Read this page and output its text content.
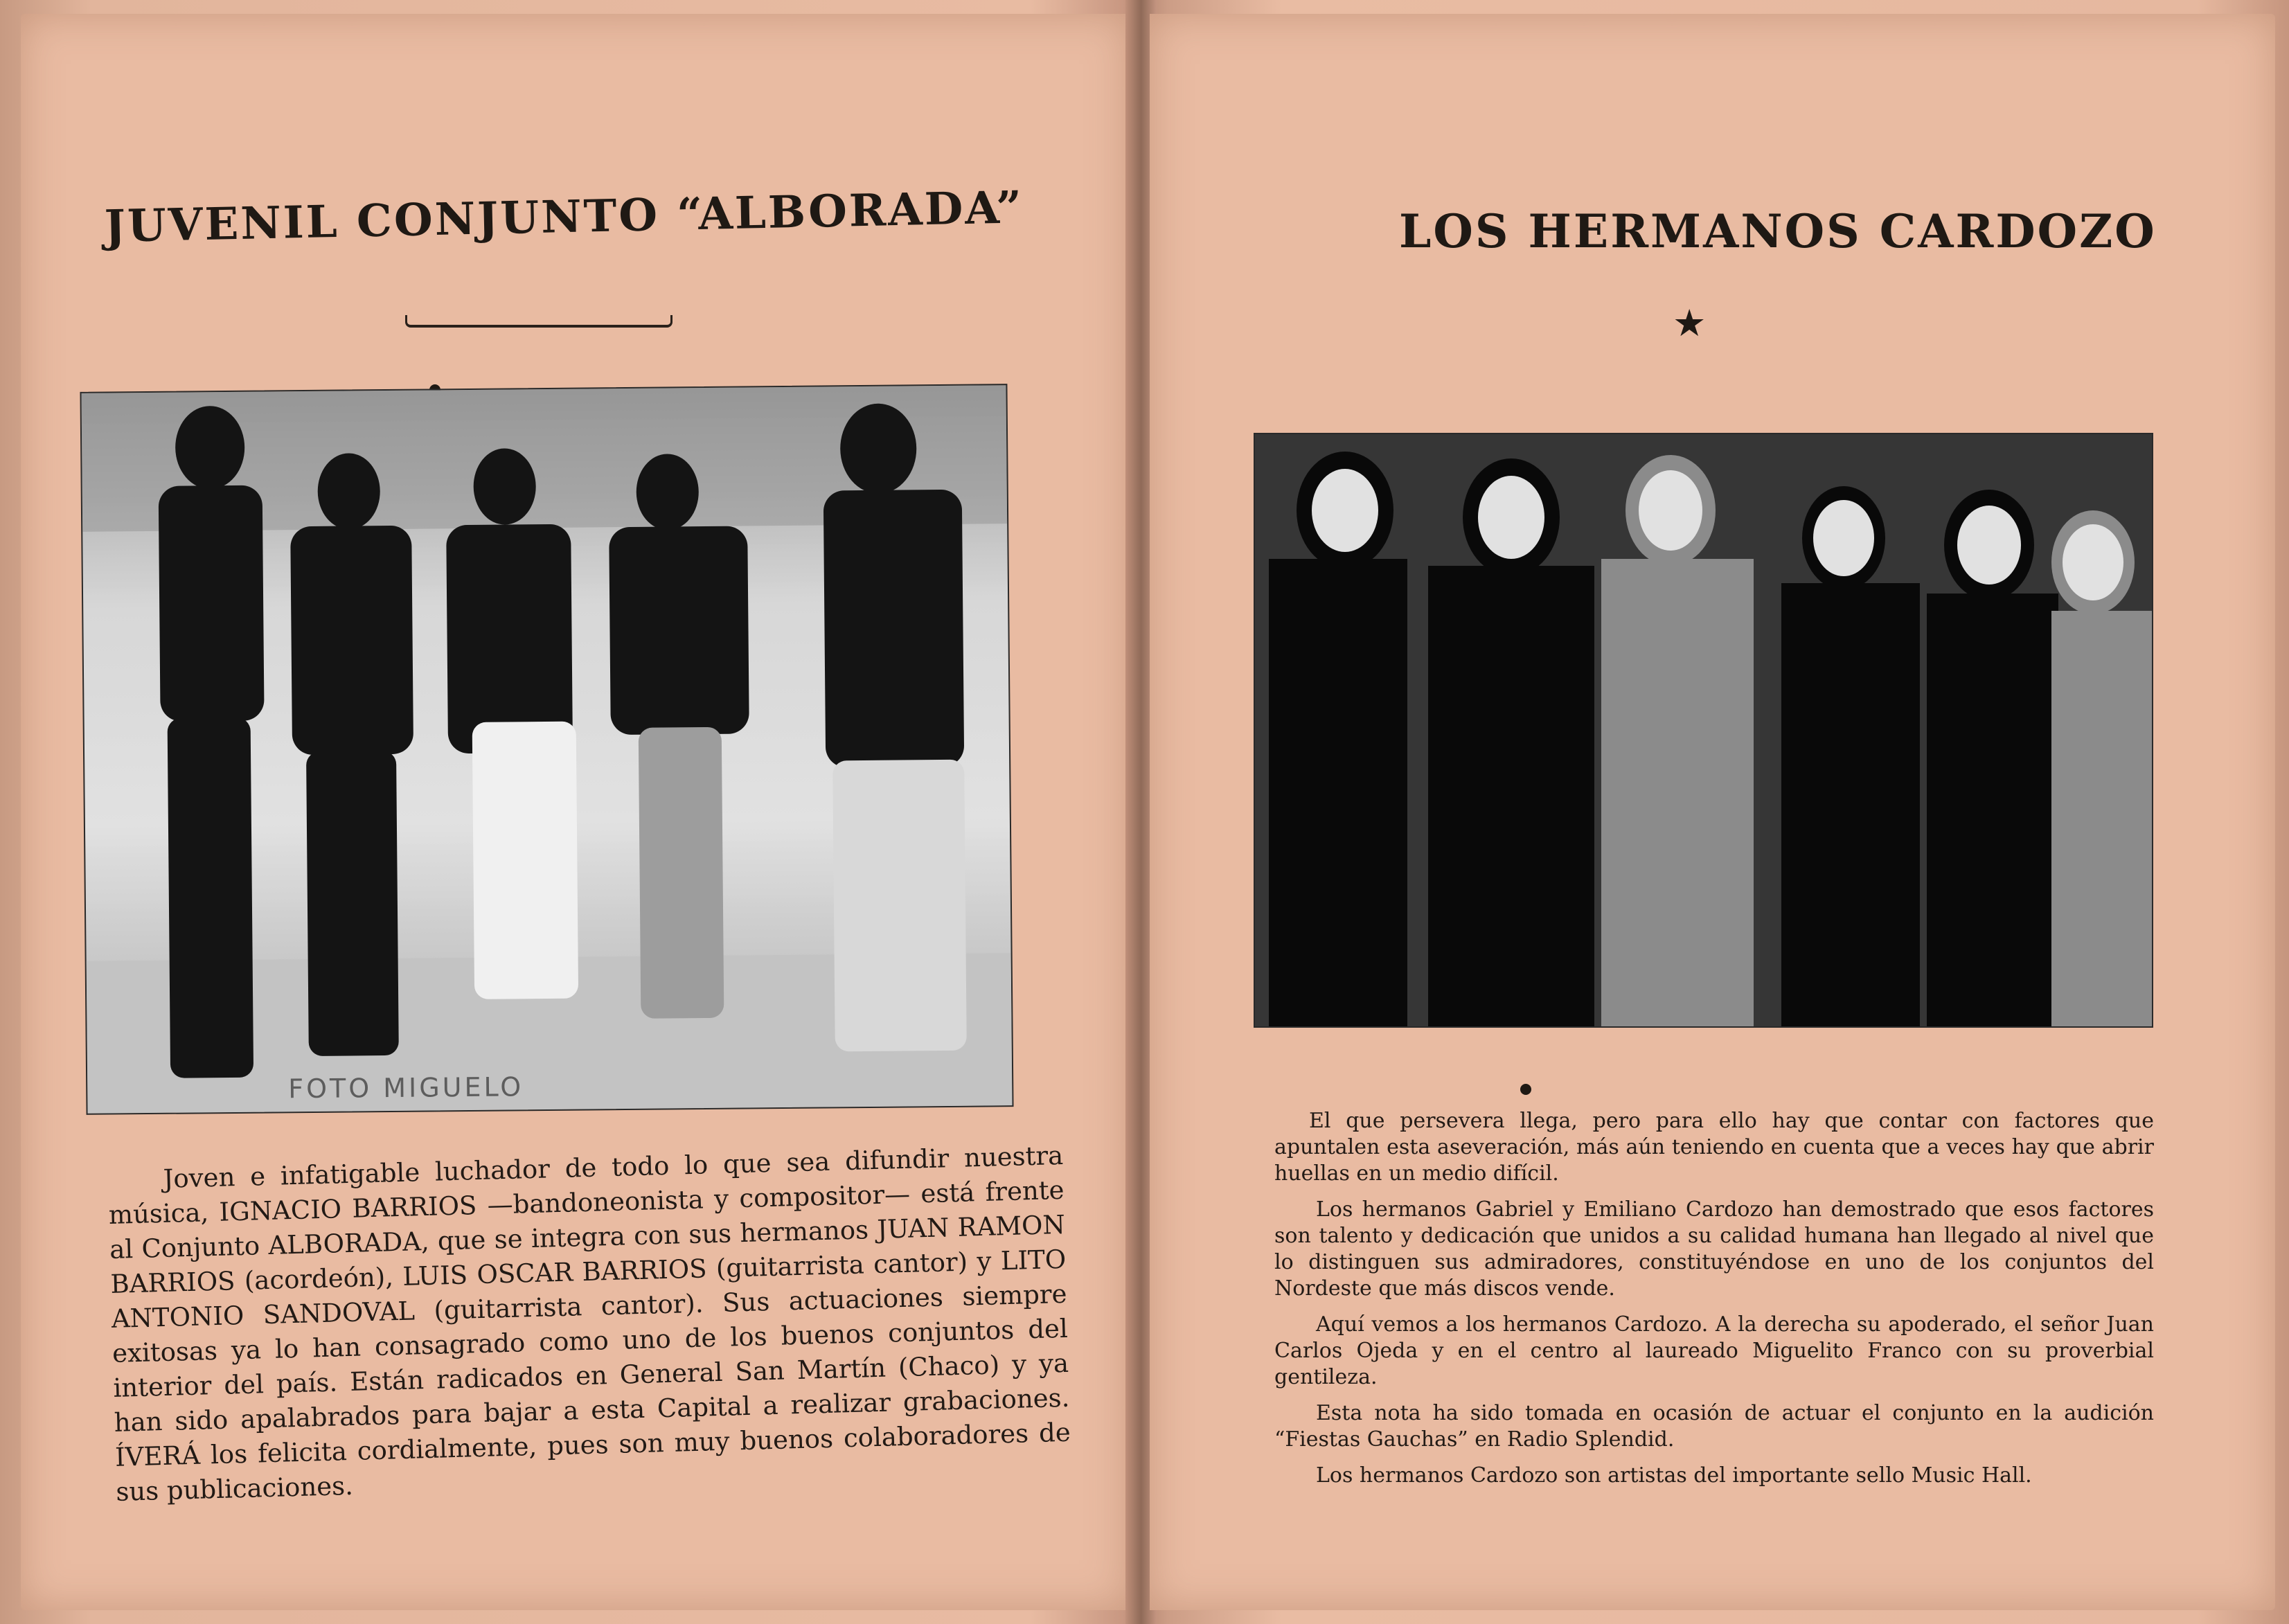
JUVENIL CONJUNTO “ALBORADA”
FOTO MIGUELO

Joven e infatigable luchador de todo lo que sea difundir nuestra música, IGNACIO BARRIOS —bandoneonista y compositor— está frente al Conjunto ALBORADA, que se integra con sus hermanos JUAN RAMON BARRIOS (acordeón), LUIS OSCAR BARRIOS (guitarrista cantor) y LITO ANTONIO SANDOVAL (guitarrista cantor). Sus actuaciones siempre exitosas ya lo han consagrado como uno de los buenos conjuntos del interior del país. Están radicados en General San Martín (Chaco) y ya han sido apalabrados para bajar a esta Capital a realizar grabaciones. ÍVERÁ los felicita cordialmente, pues son muy buenos colaboradores de sus publicaciones.

LOS HERMANOS CARDOZO
★

El que persevera llega, pero para ello hay que contar con factores que apuntalen esta aseveración, más aún teniendo en cuenta que a veces hay que abrir huellas en un medio difícil.

Los hermanos Gabriel y Emiliano Cardozo han demostrado que esos factores son talento y dedicación que unidos a su calidad humana han llegado al nivel que lo distinguen sus admiradores, constituyéndose en uno de los conjuntos del Nordeste que más discos vende.

Aquí vemos a los hermanos Cardozo. A la derecha su apoderado, el señor Juan Carlos Ojeda y en el centro al laureado Miguelito Franco con su proverbial gentileza.

Esta nota ha sido tomada en ocasión de actuar el conjunto en la audición “Fiestas Gauchas” en Radio Splendid.

Los hermanos Cardozo son artistas del importante sello Music Hall.
